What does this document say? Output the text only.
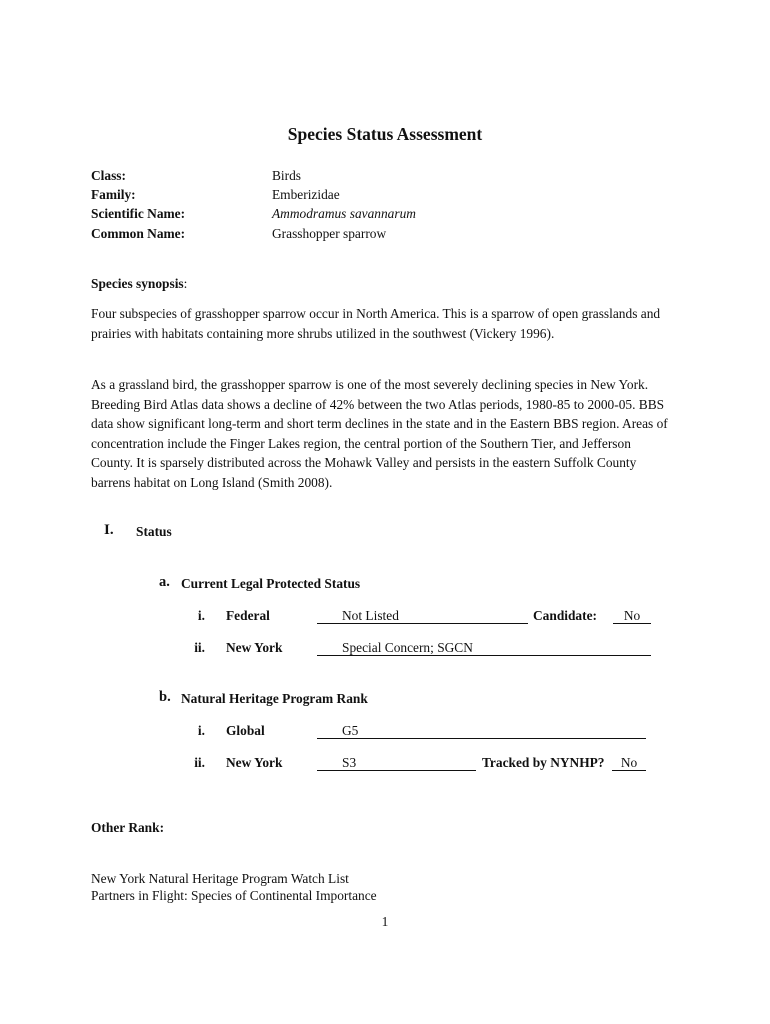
Species Status Assessment
Class:	Birds
Family:	Emberizidae
Scientific Name:	Ammodramus savannarum
Common Name:	Grasshopper sparrow
Species synopsis:
Four subspecies of grasshopper sparrow occur in North America. This is a sparrow of open grasslands and prairies with habitats containing more shrubs utilized in the southwest (Vickery 1996).
As a grassland bird, the grasshopper sparrow is one of the most severely declining species in New York. Breeding Bird Atlas data shows a decline of 42% between the two Atlas periods, 1980-85 to 2000-05. BBS data show significant long-term and short term declines in the state and in the Eastern BBS region. Areas of concentration include the Finger Lakes region, the central portion of the Southern Tier, and Jefferson County. It is sparsely distributed across the Mohawk Valley and persists in the eastern Suffolk County barrens habitat on Long Island (Smith 2008).
I. Status
a. Current Legal Protected Status
i. Federal	Not Listed	Candidate:	No
ii. New York	Special Concern; SGCN
b. Natural Heritage Program Rank
i. Global	G5
ii. New York	S3	Tracked by NYNHP?	No
Other Rank:
New York Natural Heritage Program Watch List
Partners in Flight: Species of Continental Importance
1
